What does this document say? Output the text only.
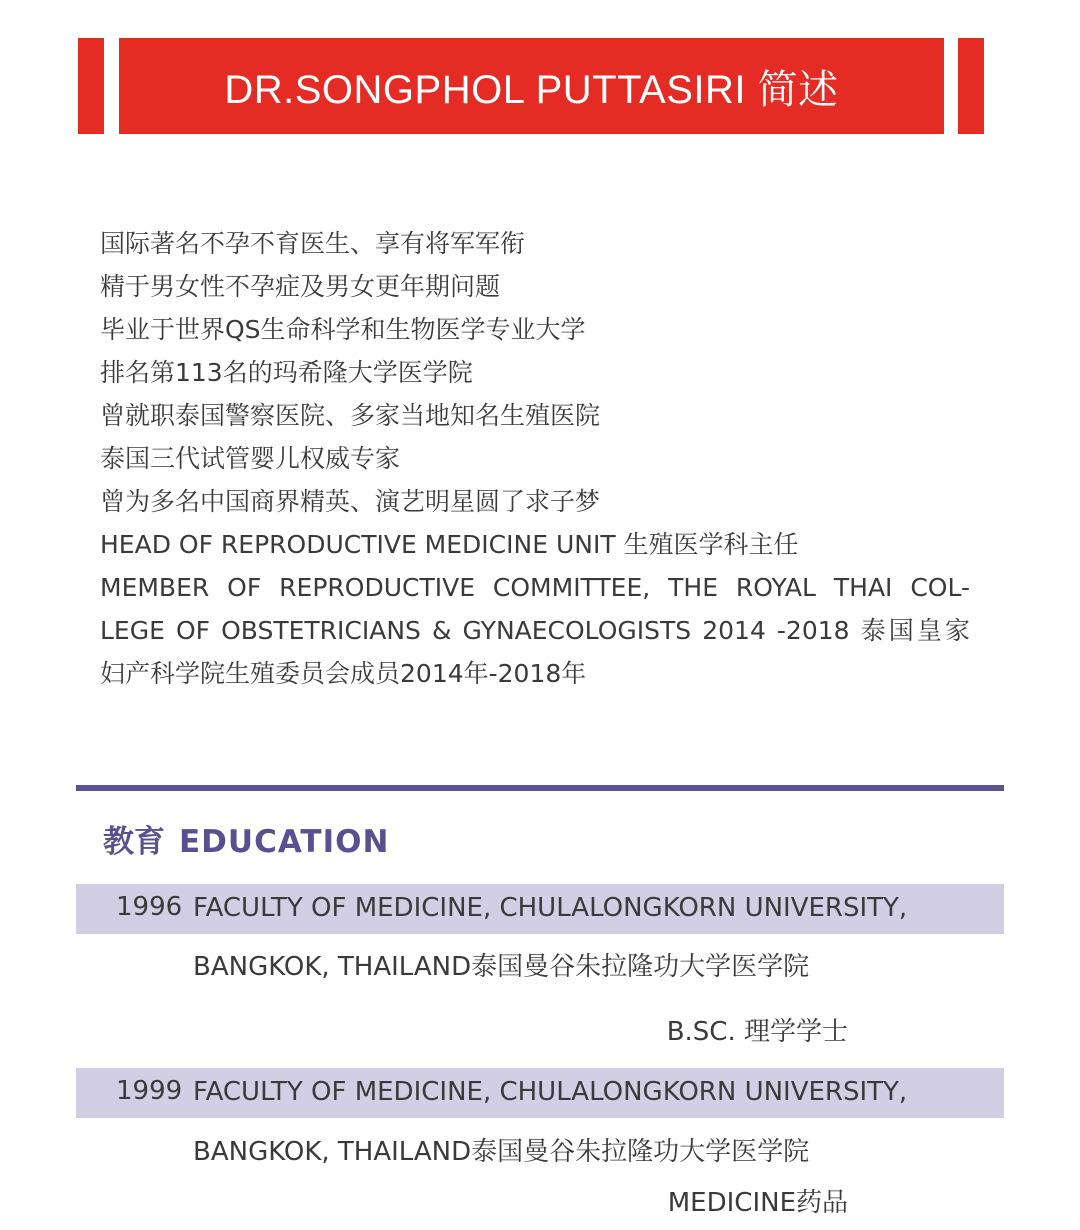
DR.SONGPHOL PUTTASIRI 简述
国际著名不孕不育医生、享有将军军衔
精于男女性不孕症及男女更年期问题
毕业于世界QS生命科学和生物医学专业大学
排名第113名的玛希隆大学医学院
曾就职泰国警察医院、多家当地知名生殖医院
泰国三代试管婴儿权威专家
曾为多名中国商界精英、演艺明星圆了求子梦
HEAD OF REPRODUCTIVE MEDICINE UNIT 生殖医学科主任
MEMBER OF REPRODUCTIVE COMMITTEE, THE ROYAL THAI COL-
LEGE OF OBSTETRICIANS & GYNAECOLOGISTS 2014 -2018 泰国皇家
妇产科学院生殖委员会成员2014年-2018年
教育 EDUCATION
1996 FACULTY OF MEDICINE, CHULALONGKORN UNIVERSITY,
BANGKOK, THAILAND泰国曼谷朱拉隆功大学医学院
B.SC. 理学学士
1999 FACULTY OF MEDICINE, CHULALONGKORN UNIVERSITY,
BANGKOK, THAILAND泰国曼谷朱拉隆功大学医学院
MEDICINE药品
